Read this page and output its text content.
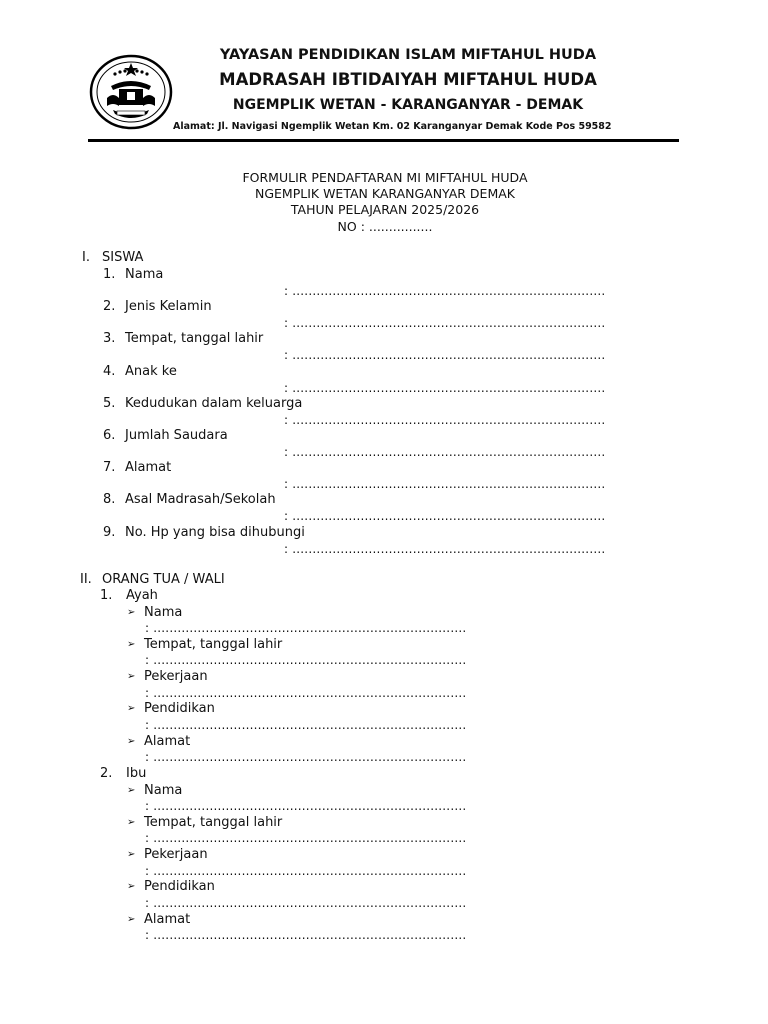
YAYASAN PENDIDIKAN ISLAM MIFTAHUL HUDA
MADRASAH IBTIDAIYAH MIFTAHUL HUDA
NGEMPLIK WETAN - KARANGANYAR - DEMAK
Alamat: Jl. Navigasi Ngemplik Wetan Km. 02 Karanganyar Demak Kode Pos 59582
FORMULIR PENDAFTARAN MI MIFTAHUL HUDA
NGEMPLIK WETAN KARANGANYAR DEMAK
TAHUN PELAJARAN 2025/2026
NO : ................
I. SISWA
1. Nama
: ..............................................................................
2. Jenis Kelamin
: ..............................................................................
3. Tempat, tanggal lahir
: ..............................................................................
4. Anak ke
: ..............................................................................
5. Kedudukan dalam keluarga
: ..............................................................................
6. Jumlah Saudara
: ..............................................................................
7. Alamat
: ..............................................................................
8. Asal Madrasah/Sekolah
: ..............................................................................
9. No. Hp yang bisa dihubungi
: ..............................................................................
II. ORANG TUA / WALI
1. Ayah
➢ Nama
: ..............................................................................
➢ Tempat, tanggal lahir
: ..............................................................................
➢ Pekerjaan
: ..............................................................................
➢ Pendidikan
: ..............................................................................
➢ Alamat
: ..............................................................................
2. Ibu
➢ Nama
: ..............................................................................
➢ Tempat, tanggal lahir
: ..............................................................................
➢ Pekerjaan
: ..............................................................................
➢ Pendidikan
: ..............................................................................
➢ Alamat
: ..............................................................................
